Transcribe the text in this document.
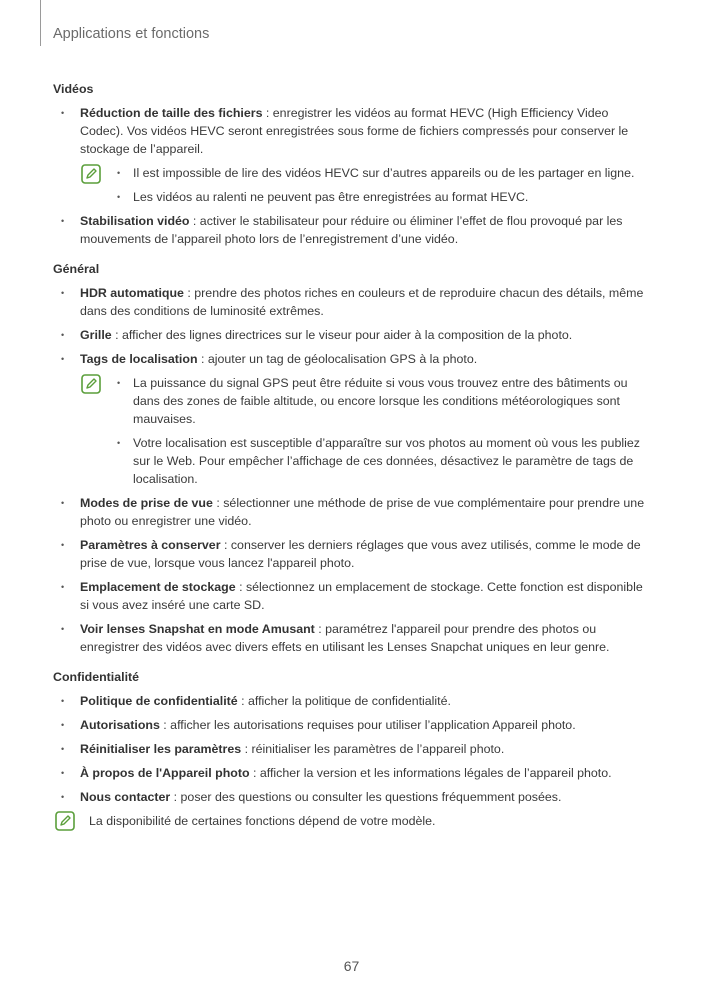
Applications et fonctions
Vidéos
• Réduction de taille des fichiers : enregistrer les vidéos au format HEVC (High Efficiency Video Codec). Vos vidéos HEVC seront enregistrées sous forme de fichiers compressés pour conserver le stockage de l’appareil.
• Il est impossible de lire des vidéos HEVC sur d’autres appareils ou de les partager en ligne.
• Les vidéos au ralenti ne peuvent pas être enregistrées au format HEVC.
• Stabilisation vidéo : activer le stabilisateur pour réduire ou éliminer l’effet de flou provoqué par les mouvements de l’appareil photo lors de l’enregistrement d’une vidéo.
Général
• HDR automatique : prendre des photos riches en couleurs et de reproduire chacun des détails, même dans des conditions de luminosité extrêmes.
• Grille : afficher des lignes directrices sur le viseur pour aider à la composition de la photo.
• Tags de localisation : ajouter un tag de géolocalisation GPS à la photo.
• La puissance du signal GPS peut être réduite si vous vous trouvez entre des bâtiments ou dans des zones de faible altitude, ou encore lorsque les conditions météorologiques sont mauvaises.
• Votre localisation est susceptible d’apparaître sur vos photos au moment où vous les publiez sur le Web. Pour empêcher l’affichage de ces données, désactivez le paramètre de tags de localisation.
• Modes de prise de vue : sélectionner une méthode de prise de vue complémentaire pour prendre une photo ou enregistrer une vidéo.
• Paramètres à conserver : conserver les derniers réglages que vous avez utilisés, comme le mode de prise de vue, lorsque vous lancez l'appareil photo.
• Emplacement de stockage : sélectionnez un emplacement de stockage. Cette fonction est disponible si vous avez inséré une carte SD.
• Voir lenses Snapshat en mode Amusant : paramétrez l'appareil pour prendre des photos ou enregistrer des vidéos avec divers effets en utilisant les Lenses Snapchat uniques en leur genre.
Confidentialité
• Politique de confidentialité : afficher la politique de confidentialité.
• Autorisations : afficher les autorisations requises pour utiliser l’application Appareil photo.
• Réinitialiser les paramètres : réinitialiser les paramètres de l’appareil photo.
• À propos de l'Appareil photo : afficher la version et les informations légales de l’appareil photo.
• Nous contacter : poser des questions ou consulter les questions fréquemment posées.
La disponibilité de certaines fonctions dépend de votre modèle.
67
